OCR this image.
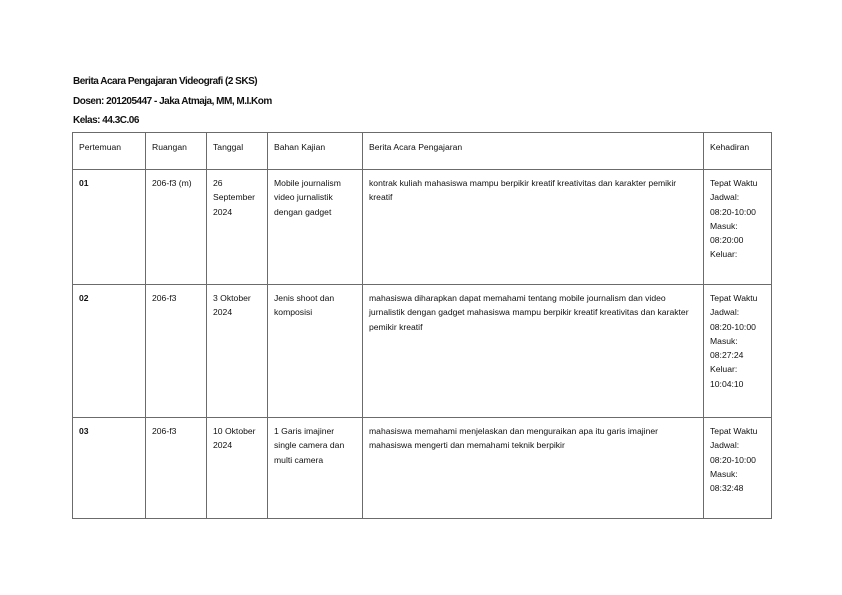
Berita Acara Pengajaran Videografi (2 SKS)
Dosen: 201205447 - Jaka Atmaja, MM, M.I.Kom
Kelas: 44.3C.06
Pertemuan	Ruangan	Tanggal	Bahan Kajian	Berita Acara Pengajaran	Kehadiran
01	206-f3 (m)	26 September 2024	Mobile journalism video jurnalistik dengan gadget	kontrak kuliah mahasiswa mampu berpikir kreatif kreativitas dan karakter pemikir kreatif	Tepat Waktu
Jadwal: 08:20-10:00
Masuk: 08:20:00
Keluar:

02	206-f3	3 Oktober 2024	Jenis shoot dan komposisi	mahasiswa diharapkan dapat memahami tentang mobile journalism dan video jurnalistik dengan gadget mahasiswa mampu berpikir kreatif kreativitas dan karakter pemikir kreatif	Tepat Waktu
Jadwal: 08:20-10:00
Masuk: 08:27:24
Keluar: 10:04:10

03	206-f3	10 Oktober 2024	1 Garis imajiner single camera dan multi camera	mahasiswa memahami menjelaskan dan menguraikan apa itu garis imajiner mahasiswa mengerti dan memahami teknik berpikir	Tepat Waktu
Jadwal: 08:20-10:00
Masuk: 08:32:48
